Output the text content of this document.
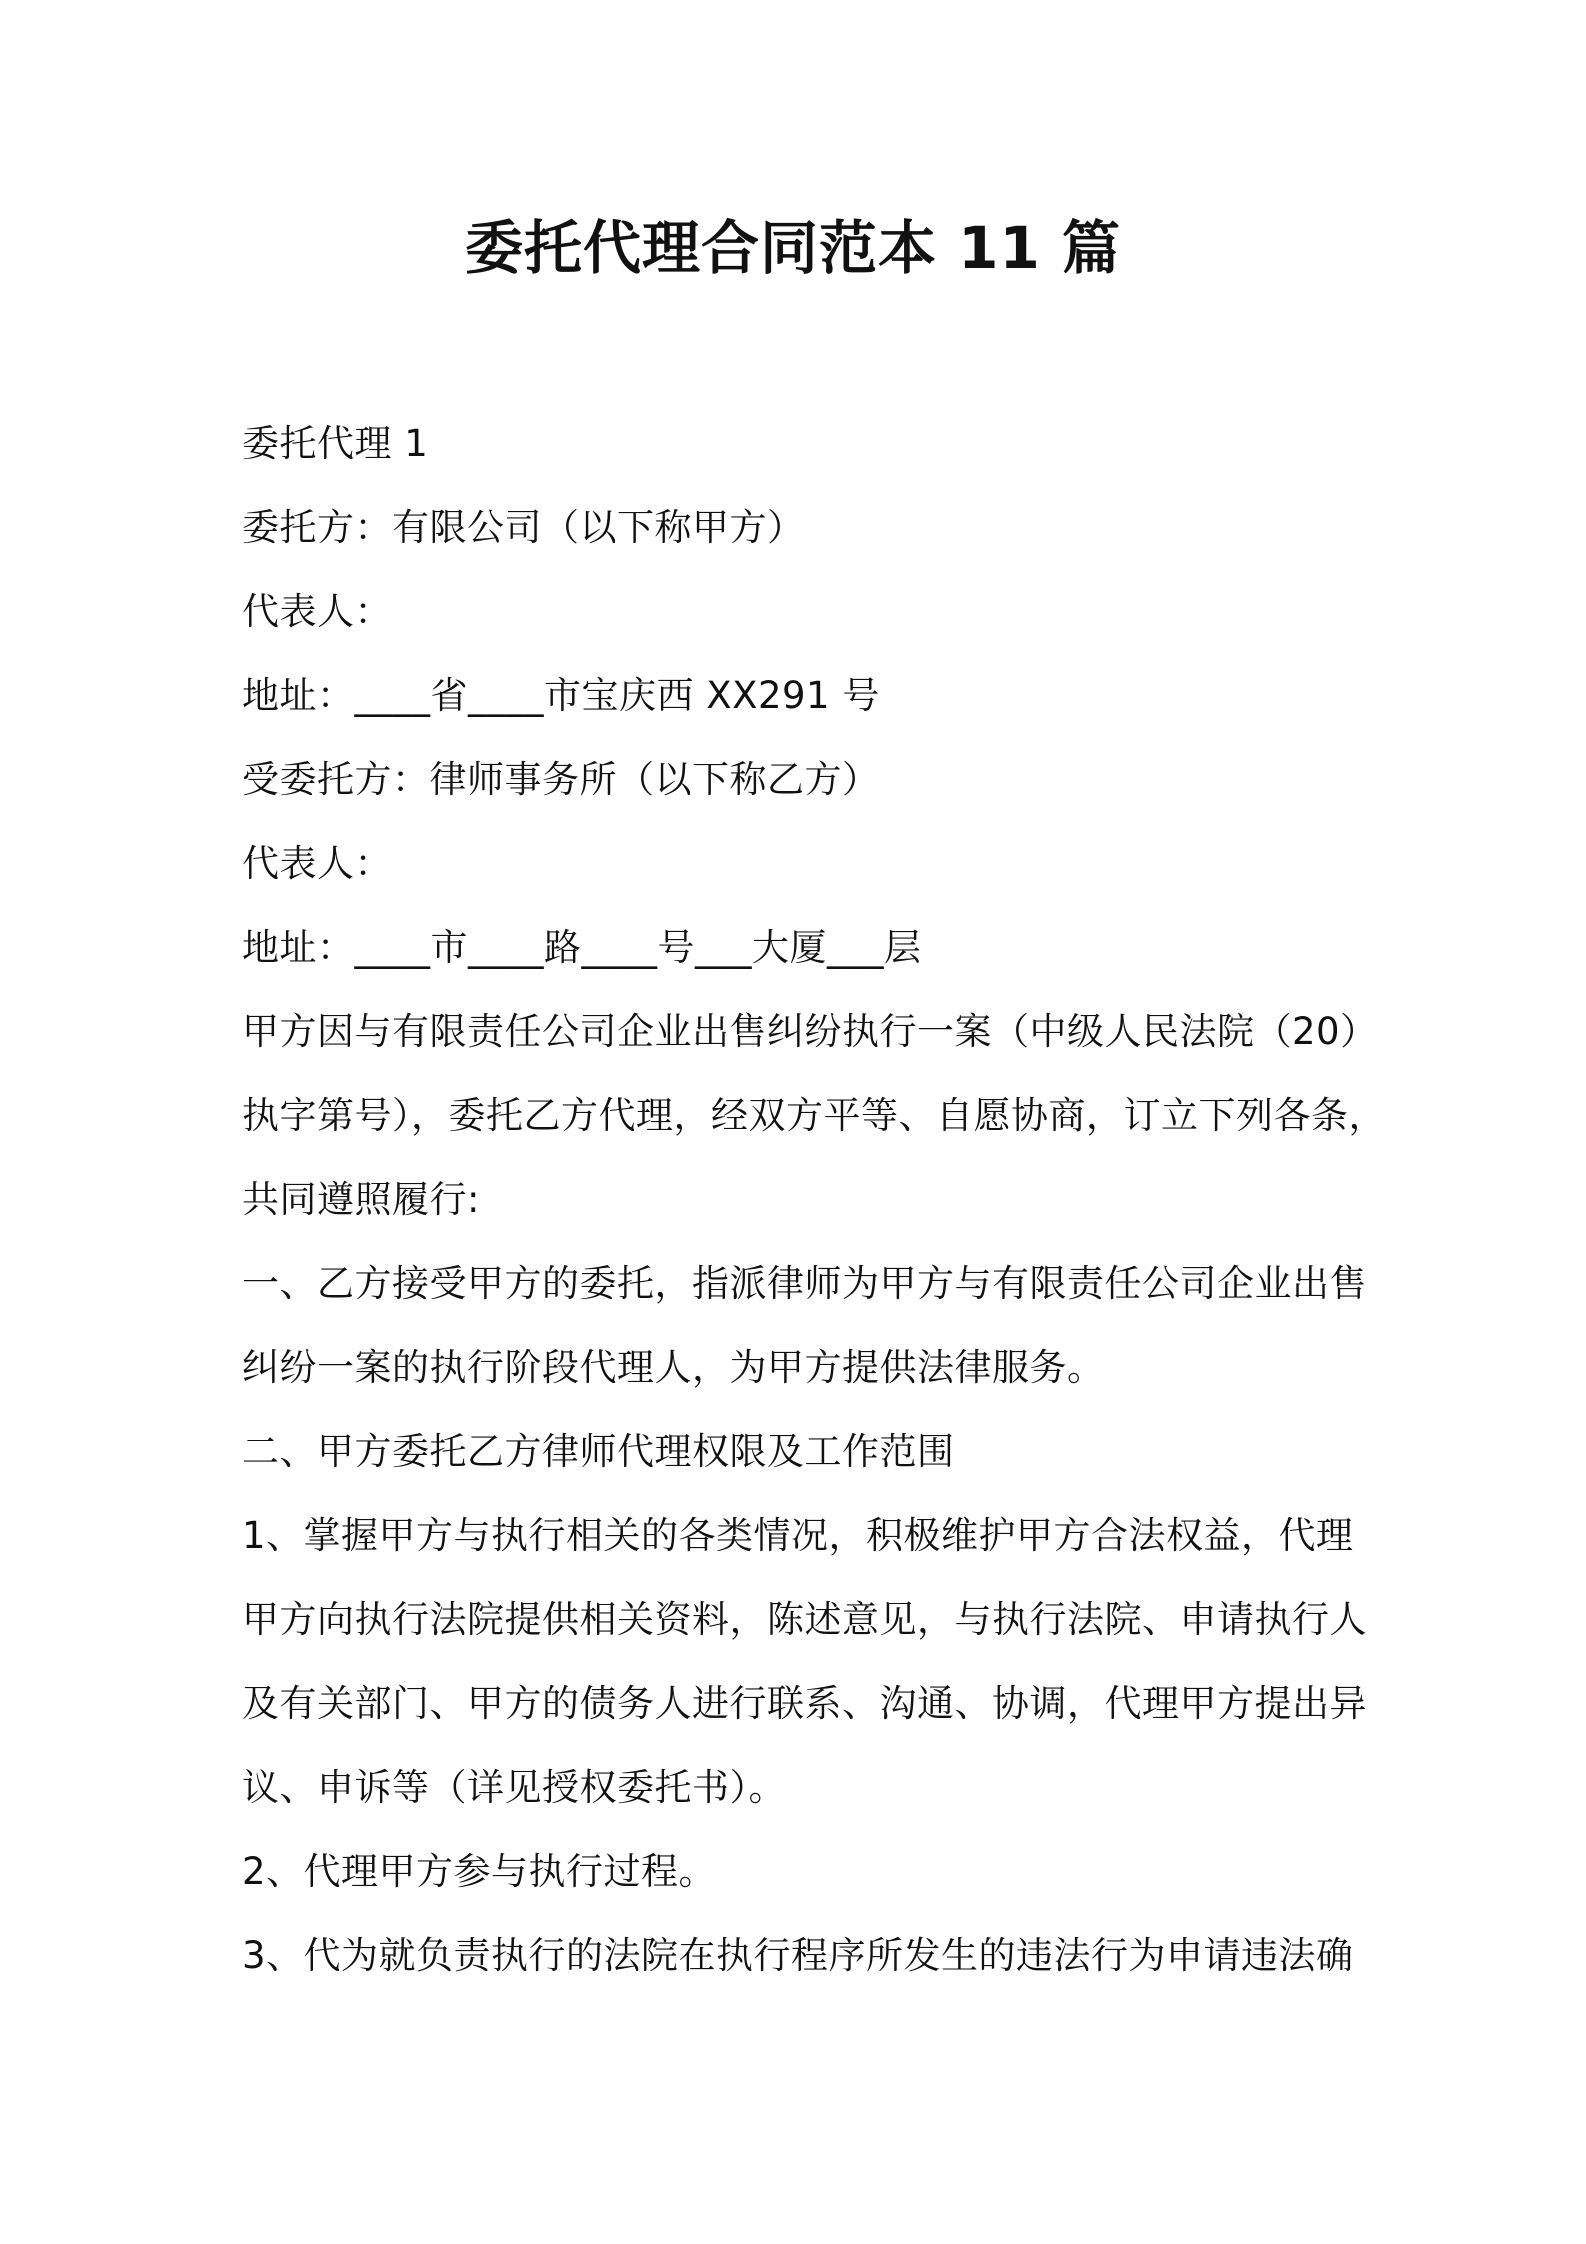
委托代理合同范本 11 篇

委托代理 1

委托方：有限公司（以下称甲方）

代表人：

地址：____省____市宝庆西 XX291 号

受委托方：律师事务所（以下称乙方）

代表人：

地址：____市____路____号___大厦___层

甲方因与有限责任公司企业出售纠纷执行一案（中级人民法院（20）

执字第号），委托乙方代理，经双方平等、自愿协商，订立下列各条，

共同遵照履行:

一、乙方接受甲方的委托，指派律师为甲方与有限责任公司企业出售

纠纷一案的执行阶段代理人，为甲方提供法律服务。

二、甲方委托乙方律师代理权限及工作范围

1、掌握甲方与执行相关的各类情况，积极维护甲方合法权益，代理

甲方向执行法院提供相关资料，陈述意见，与执行法院、申请执行人

及有关部门、甲方的债务人进行联系、沟通、协调，代理甲方提出异

议、申诉等（详见授权委托书）。

2、代理甲方参与执行过程。

3、代为就负责执行的法院在执行程序所发生的违法行为申请违法确
